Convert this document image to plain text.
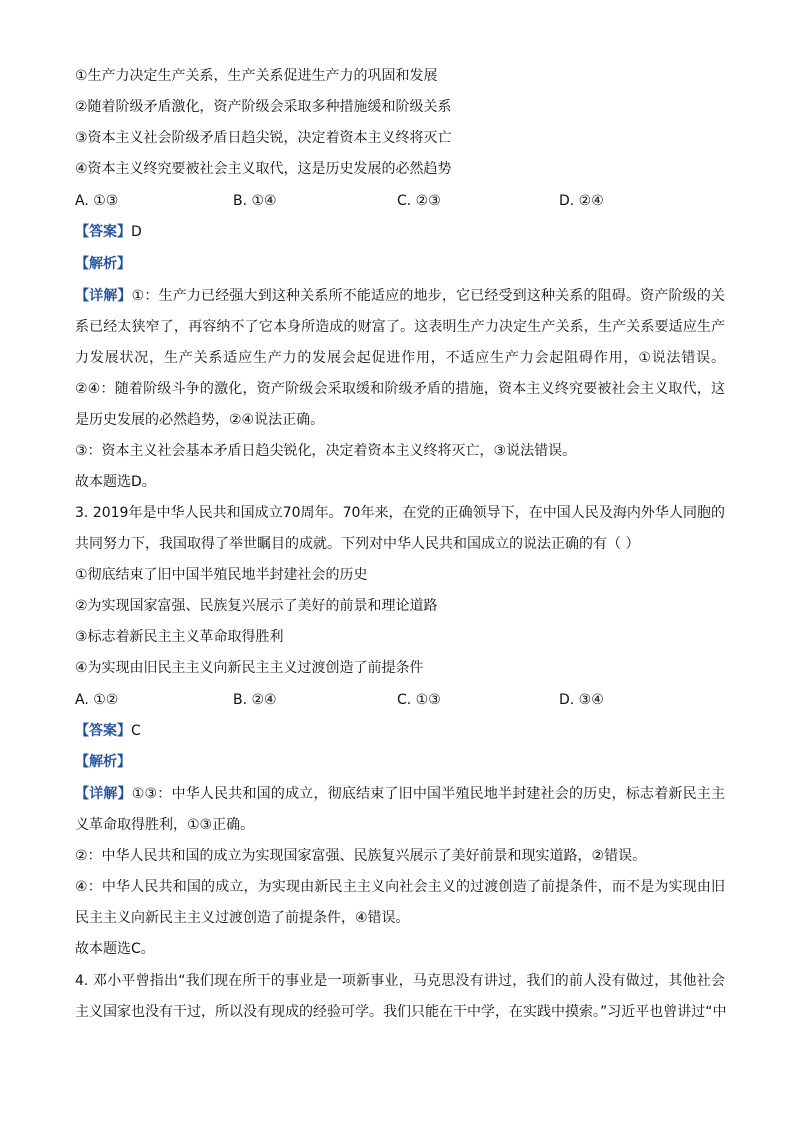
①生产力决定生产关系，生产关系促进生产力的巩固和发展
②随着阶级矛盾激化，资产阶级会采取多种措施缓和阶级关系
③资本主义社会阶级矛盾日趋尖锐，决定着资本主义终将灭亡
④资本主义终究要被社会主义取代，这是历史发展的必然趋势
A. ①③	B. ①④	C. ②③	D. ②④
【答案】D
【解析】
【详解】①：生产力已经强大到这种关系所不能适应的地步，它已经受到这种关系的阻碍。资产阶级的关
系已经太狭窄了，再容纳不了它本身所造成的财富了。这表明生产力决定生产关系，生产关系要适应生产
力发展状况，生产关系适应生产力的发展会起促进作用，不适应生产力会起阻碍作用，①说法错误。
②④：随着阶级斗争的激化，资产阶级会采取缓和阶级矛盾的措施，资本主义终究要被社会主义取代，这
是历史发展的必然趋势，②④说法正确。
③：资本主义社会基本矛盾日趋尖锐化，决定着资本主义终将灭亡，③说法错误。
故本题选D。
3. 2019年是中华人民共和国成立70周年。70年来，在党的正确领导下，在中国人民及海内外华人同胞的
共同努力下，我国取得了举世瞩目的成就。下列对中华人民共和国成立的说法正确的有（ ）
①彻底结束了旧中国半殖民地半封建社会的历史
②为实现国家富强、民族复兴展示了美好的前景和理论道路
③标志着新民主主义革命取得胜利
④为实现由旧民主主义向新民主主义过渡创造了前提条件
A. ①②	B. ②④	C. ①③	D. ③④
【答案】C
【解析】
【详解】①③：中华人民共和国的成立，彻底结束了旧中国半殖民地半封建社会的历史，标志着新民主主
义革命取得胜利，①③正确。
②：中华人民共和国的成立为实现国家富强、民族复兴展示了美好前景和现实道路，②错误。
④：中华人民共和国的成立，为实现由新民主主义向社会主义的过渡创造了前提条件，而不是为实现由旧
民主主义向新民主主义过渡创造了前提条件，④错误。
故本题选C。
4. 邓小平曾指出“我们现在所干的事业是一项新事业，马克思没有讲过，我们的前人没有做过，其他社会
主义国家也没有干过，所以没有现成的经验可学。我们只能在干中学，在实践中摸索。”习近平也曾讲过“中
